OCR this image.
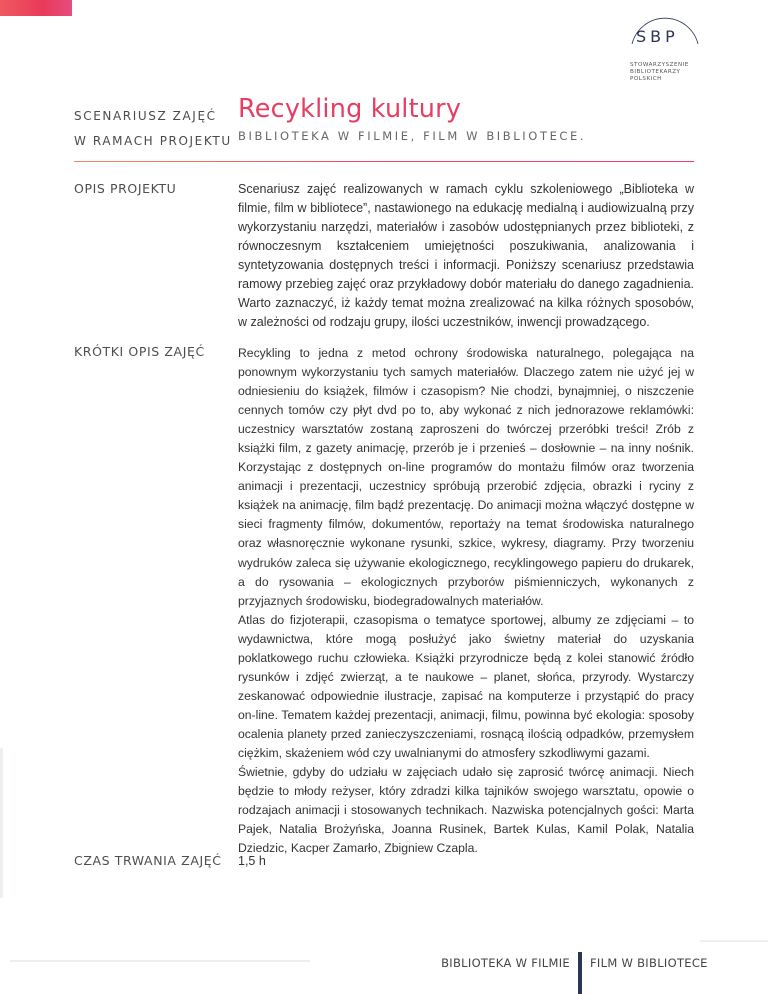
SBP
STOWARZYSZENIE
BIBLIOTEKARZY
POLSKICH
SCENARIUSZ ZAJĘĆ
W RAMACH PROJEKTU
Recykling kultury
BIBLIOTEKA W FILMIE, FILM W BIBLIOTECE.
OPIS PROJEKTU	Scenariusz zajęć realizowanych w ramach cyklu szkoleniowego „Biblioteka w filmie, film w bibliotece”, nastawionego na edukację medialną i audiowizualną przy wykorzystaniu narzędzi, materiałów i zasobów udostępnianych przez biblioteki, z równoczesnym kształceniem umiejętności poszukiwania, analizowania i syntetyzowania dostępnych treści i informacji. Poniższy scenariusz przedstawia ramowy przebieg zajęć oraz przykładowy dobór materiału do danego zagadnienia. Warto zaznaczyć, iż każdy temat można zrealizować na kilka różnych sposobów, w zależności od rodzaju grupy, ilości uczestników, inwencji prowadzącego.

KRÓTKI OPIS ZAJĘĆ	Recykling to jedna z metod ochrony środowiska naturalnego, polegająca na ponownym wykorzystaniu tych samych materiałów. Dlaczego zatem nie użyć jej w odniesieniu do książek, filmów i czasopism? Nie chodzi, bynajmniej, o niszczenie cennych tomów czy płyt dvd po to, aby wykonać z nich jednorazowe reklamówki: uczestnicy warsztatów zostaną zaproszeni do twórczej przeróbki treści! Zrób z książki film, z gazety animację, przerób je i przenieś – dosłownie – na inny nośnik. Korzystając z dostępnych on-line programów do montażu filmów oraz tworzenia animacji i prezentacji, uczestnicy spróbują przerobić zdjęcia, obrazki i ryciny z książek na animację, film bądź prezentację. Do animacji można włączyć dostępne w sieci fragmenty filmów, dokumentów, reportaży na temat środowiska naturalnego oraz własnoręcznie wykonane rysunki, szkice, wykresy, diagramy. Przy tworzeniu wydruków zaleca się używanie ekologicznego, recyklingowego papieru do drukarek, a do rysowania – ekologicznych przyborów piśmienniczych, wykonanych z przyjaznych środowisku, biodegradowalnych materiałów.

Atlas do fizjoterapii, czasopisma o tematyce sportowej, albumy ze zdjęciami – to wydawnictwa, które mogą posłużyć jako świetny materiał do uzyskania poklatkowego ruchu człowieka. Książki przyrodnicze będą z kolei stanowić źródło rysunków i zdjęć zwierząt, a te naukowe – planet, słońca, przyrody. Wystarczy zeskanować odpowiednie ilustracje, zapisać na komputerze i przystąpić do pracy on-line. Tematem każdej prezentacji, animacji, filmu, powinna być ekologia: sposoby ocalenia planety przed zanieczyszczeniami, rosnącą ilością odpadków, przemysłem ciężkim, skażeniem wód czy uwalnianymi do atmosfery szkodliwymi gazami.

Świetnie, gdyby do udziału w zajęciach udało się zaprosić twórcę animacji. Niech będzie to młody reżyser, który zdradzi kilka tajników swojego warsztatu, opowie o rodzajach animacji i stosowanych technikach. Nazwiska potencjalnych gości: Marta Pajek, Natalia Brożyńska, Joanna Rusinek, Bartek Kulas, Kamil Polak, Natalia Dziedzic, Kacper Zamarło, Zbigniew Czapla.

CZAS TRWANIA ZAJĘĆ 1,5 h
BIBLIOTEKA W FILMIE FILM W BIBLIOTECE
